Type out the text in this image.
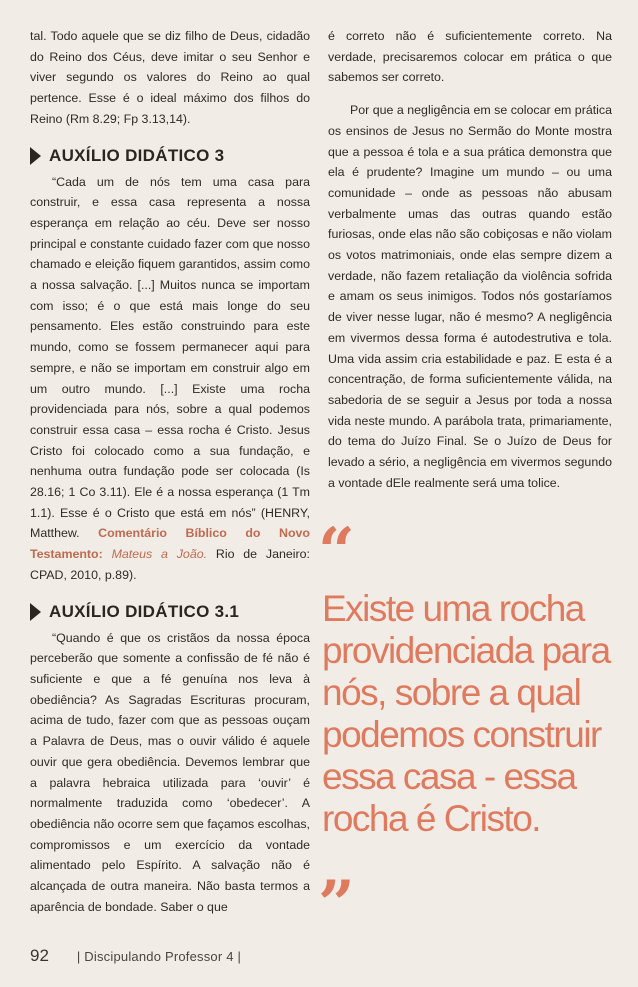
tal. Todo aquele que se diz filho de Deus, cidadão do Reino dos Céus, deve imitar o seu Senhor e viver segundo os valores do Reino ao qual pertence. Esse é o ideal máximo dos filhos do Reino (Rm 8.29; Fp 3.13,14).

AUXÍLIO DIDÁTICO 3

“Cada um de nós tem uma casa para construir, e essa casa representa a nossa esperança em relação ao céu. Deve ser nosso principal e constante cuidado fazer com que nosso chamado e eleição fiquem garantidos, assim como a nossa salvação. [...] Muitos nunca se importam com isso; é o que está mais longe do seu pensamento. Eles estão construindo para este mundo, como se fossem permanecer aqui para sempre, e não se importam em construir algo em um outro mundo. [...] Existe uma rocha providenciada para nós, sobre a qual podemos construir essa casa – essa rocha é Cristo. Jesus Cristo foi colocado como a sua fundação, e nenhuma outra fundação pode ser colocada (Is 28.16; 1 Co 3.11). Ele é a nossa esperança (1 Tm 1.1). Esse é o Cristo que está em nós” (HENRY, Matthew. Comentário Bíblico do Novo Testamento: Mateus a João. Rio de Janeiro: CPAD, 2010, p.89).

AUXÍLIO DIDÁTICO 3.1

“Quando é que os cristãos da nossa época perceberão que somente a confissão de fé não é suficiente e que a fé genuína nos leva à obediência? As Sagradas Escrituras procuram, acima de tudo, fazer com que as pessoas ouçam a Palavra de Deus, mas o ouvir válido é aquele ouvir que gera obediência. Devemos lembrar que a palavra hebraica utilizada para ‘ouvir’ é normalmente traduzida como ‘obedecer’. A obediência não ocorre sem que façamos escolhas, compromissos e um exercício da vontade alimentado pelo Espírito. A salvação não é alcançada de outra maneira. Não basta termos a aparência de bondade. Saber o que

é correto não é suficientemente correto. Na verdade, precisaremos colocar em prática o que sabemos ser correto.

Por que a negligência em se colocar em prática os ensinos de Jesus no Sermão do Monte mostra que a pessoa é tola e a sua prática demonstra que ela é prudente? Imagine um mundo – ou uma comunidade – onde as pessoas não abusam verbalmente umas das outras quando estão furiosas, onde elas não são cobiçosas e não violam os votos matrimoniais, onde elas sempre dizem a verdade, não fazem retaliação da violência sofrida e amam os seus inimigos. Todos nós gostaríamos de viver nesse lugar, não é mesmo? A negligência em vivermos dessa forma é autodestrutiva e tola. Uma vida assim cria estabilidade e paz. E esta é a concentração, de forma suficientemente válida, na sabedoria de se seguir a Jesus por toda a nossa vida neste mundo. A parábola trata, primariamente, do tema do Juízo Final. Se o Juízo de Deus for levado a sério, a negligência em vivermos segundo a vontade dEle realmente será uma tolice.

“
Existe uma rocha providenciada para nós, sobre a qual podemos construir essa casa - essa rocha é Cristo.
”
92 | Discipulando Professor 4 |
